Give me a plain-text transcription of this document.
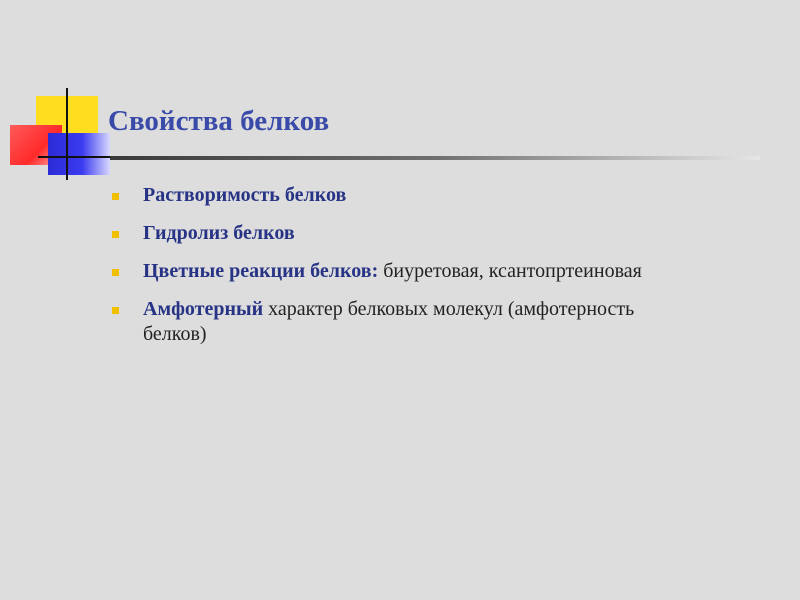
Свойства белков
Растворимость белков
Гидролиз белков
Цветные реакции белков: биуретовая, ксантопртеиновая
Амфотерный характер белковых молекул (амфотерность белков)
